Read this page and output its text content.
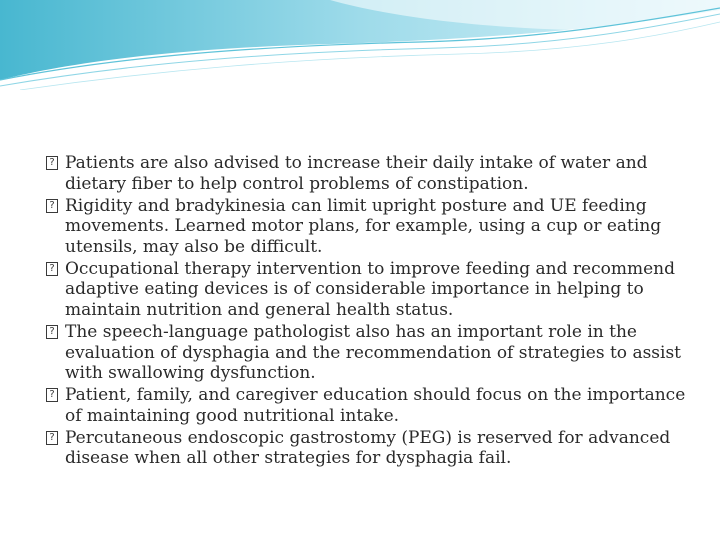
? Patients are also advised to increase their daily intake of water and dietary fiber to help control problems of constipation.
? Rigidity and bradykinesia can limit upright posture and UE feeding movements. Learned motor plans, for example, using a cup or eating utensils, may also be difficult.
? Occupational therapy intervention to improve feeding and recommend adaptive eating devices is of considerable importance in helping to maintain nutrition and general health status.
? The speech-language pathologist also has an important role in the evaluation of dysphagia and the recommendation of strategies to assist with swallowing dysfunction.
? Patient, family, and caregiver education should focus on the importance of maintaining good nutritional intake.
? Percutaneous endoscopic gastrostomy (PEG) is reserved for advanced disease when all other strategies for dysphagia fail.
